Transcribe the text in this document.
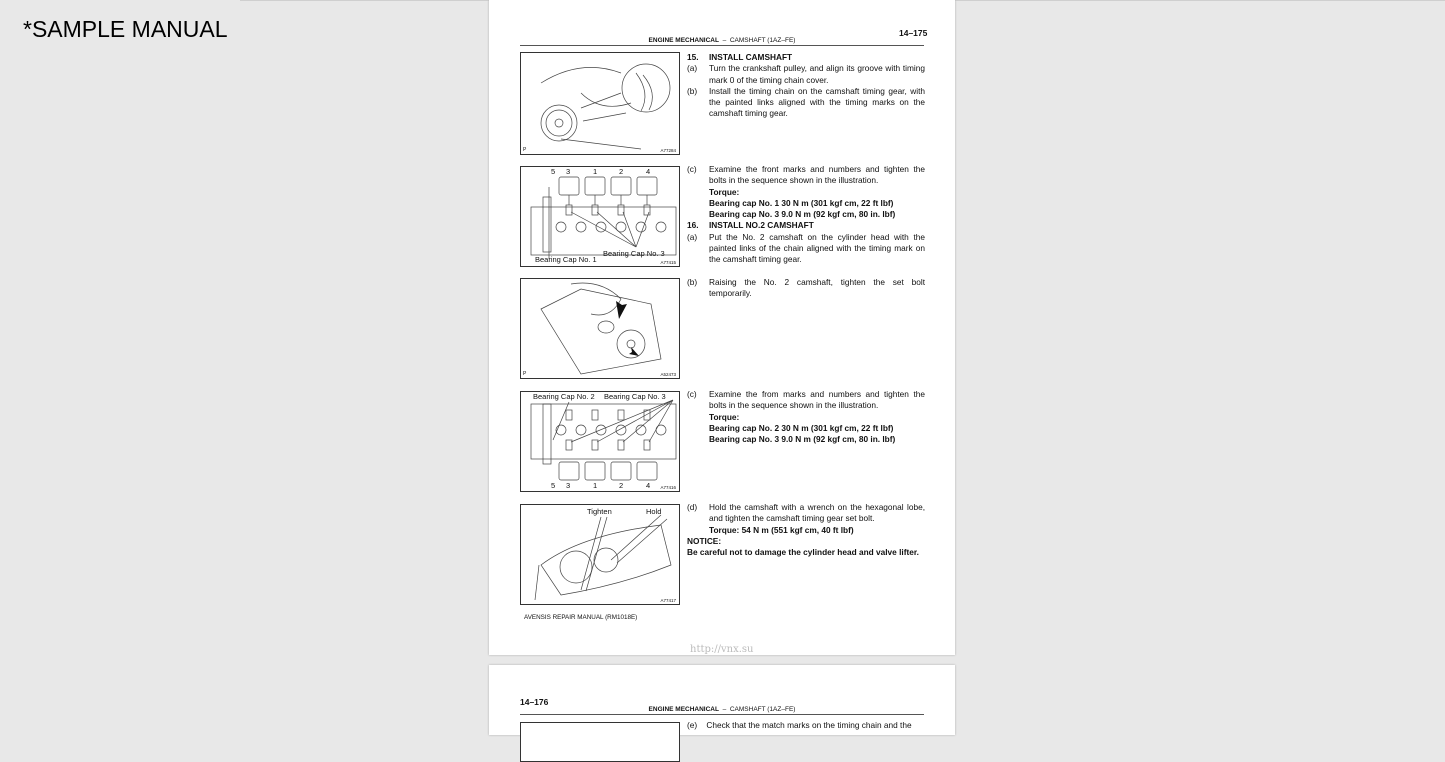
*SAMPLE MANUAL	14–175
ENGINE MECHANICAL – CAMSHAFT (1AZ–FE)
P	A77284
5 3	1	2	4
Bearing Cap No. 1
Bearing Cap No. 3
A77415
P	A52473
Bearing Cap No. 2 Bearing Cap No. 3
5 3	1	2	4 A77416
Tighten	Hold
A77417
15.	INSTALL CAMSHAFT
(a)	Turn the crankshaft pulley, and align its groove with timing mark 0 of the timing chain cover.
(b)	Install the timing chain on the camshaft timing gear, with the painted links aligned with the timing marks on the camshaft timing gear.
(c)	Examine the front marks and numbers and tighten the bolts in the sequence shown in the illustration.
Torque:
Bearing cap No. 1 30 N m (301 kgf cm, 22 ft lbf)
Bearing cap No. 3 9.0 N m (92 kgf cm, 80 in. lbf)
16.	INSTALL NO.2 CAMSHAFT
(a)	Put the No. 2 camshaft on the cylinder head with the painted links of the chain aligned with the timing mark on the camshaft timing gear.
(b)	Raising the No. 2 camshaft, tighten the set bolt temporarily.
(c)	Examine the from marks and numbers and tighten the bolts in the sequence shown in the illustration.
Torque:
Bearing cap No. 2 30 N m (301 kgf cm, 22 ft lbf)
Bearing cap No. 3 9.0 N m (92 kgf cm, 80 in. lbf)
(d)	Hold the camshaft with a wrench on the hexagonal lobe, and tighten the camshaft timing gear set bolt.
Torque: 54 N m (551 kgf cm, 40 ft lbf)
NOTICE:
Be careful not to damage the cylinder head and valve lifter.
AVENSIS REPAIR MANUAL (RM1018E)
http://vnx.su
14–176
ENGINE MECHANICAL – CAMSHAFT (1AZ–FE)
(e)    Check that the match marks on the timing chain and the
